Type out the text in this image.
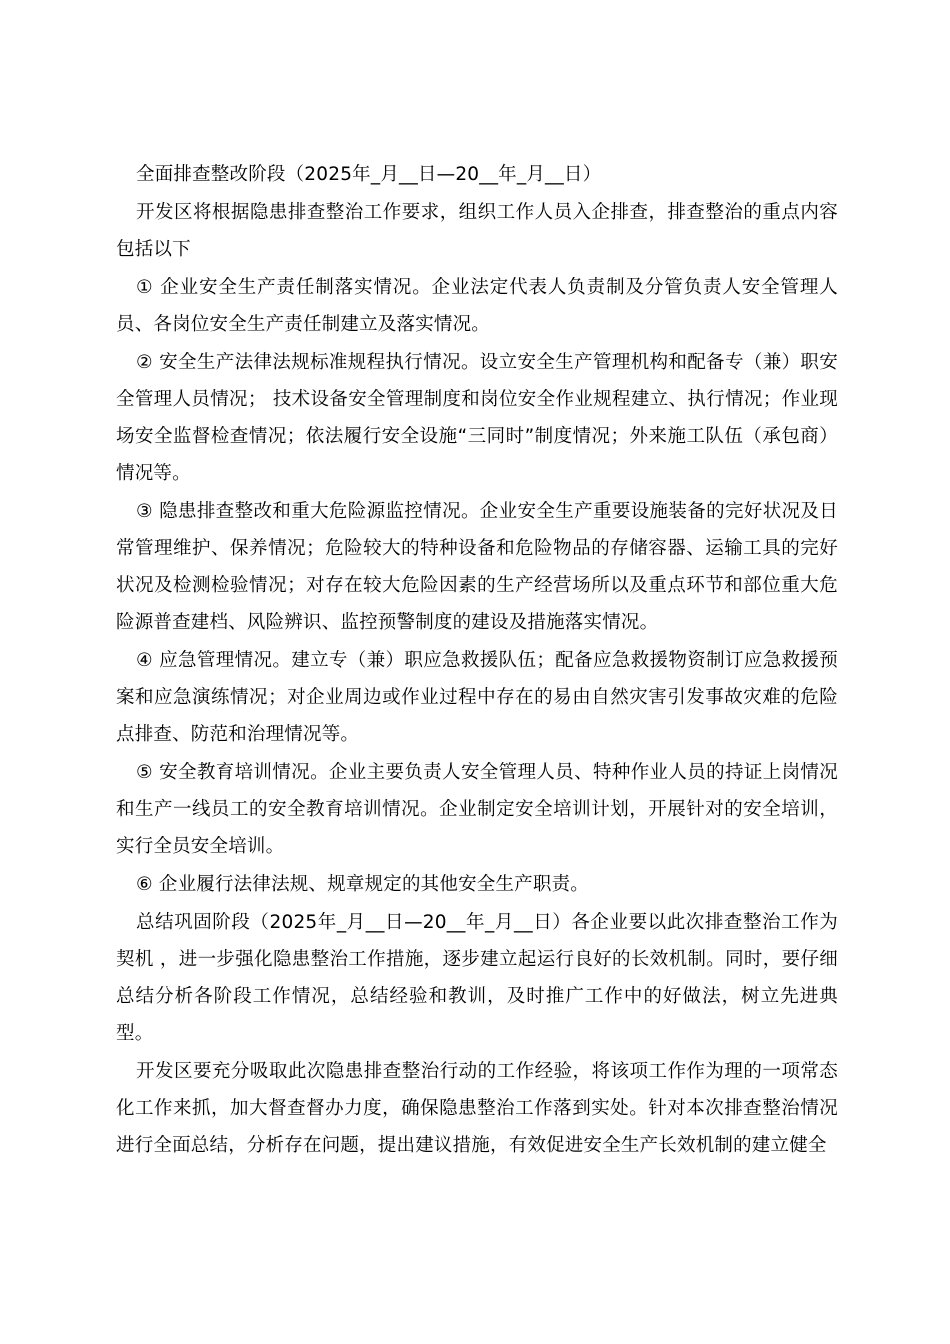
全面排查整改阶段（2025年_月__日—20__年_月__日）

开发区将根据隐患排查整治工作要求，组织工作人员入企排查，排查整治的重点内容包括以下

① 企业安全生产责任制落实情况。企业法定代表人负责制及分管负责人安全管理人员、各岗位安全生产责任制建立及落实情况。

② 安全生产法律法规标准规程执行情况。设立安全生产管理机构和配备专（兼）职安全管理人员情况； 技术设备安全管理制度和岗位安全作业规程建立、执行情况；作业现场安全监督检查情况；依法履行安全设施“三同时”制度情况；外来施工队伍（承包商）情况等。

③ 隐患排查整改和重大危险源监控情况。企业安全生产重要设施装备的完好状况及日常管理维护、保养情况；危险较大的特种设备和危险物品的存储容器、运输工具的完好状况及检测检验情况；对存在较大危险因素的生产经营场所以及重点环节和部位重大危险源普查建档、风险辨识、监控预警制度的建设及措施落实情况。

④ 应急管理情况。建立专（兼）职应急救援队伍；配备应急救援物资制订应急救援预案和应急演练情况；对企业周边或作业过程中存在的易由自然灾害引发事故灾难的危险点排查、防范和治理情况等。

⑤ 安全教育培训情况。企业主要负责人安全管理人员、特种作业人员的持证上岗情况和生产一线员工的安全教育培训情况。企业制定安全培训计划，开展针对的安全培训，实行全员安全培训。

⑥ 企业履行法律法规、规章规定的其他安全生产职责。

总结巩固阶段（2025年_月__日—20__年_月__日）各企业要以此次排查整治工作为契机 ，进一步强化隐患整治工作措施，逐步建立起运行良好的长效机制。同时，要仔细总结分析各阶段工作情况，总结经验和教训，及时推广工作中的好做法，树立先进典型。

开发区要充分吸取此次隐患排查整治行动的工作经验，将该项工作作为理的一项常态化工作来抓，加大督查督办力度，确保隐患整治工作落到实处。针对本次排查整治情况进行全面总结，分析存在问题，提出建议措施，有效促进安全生产长效机制的建立健全
